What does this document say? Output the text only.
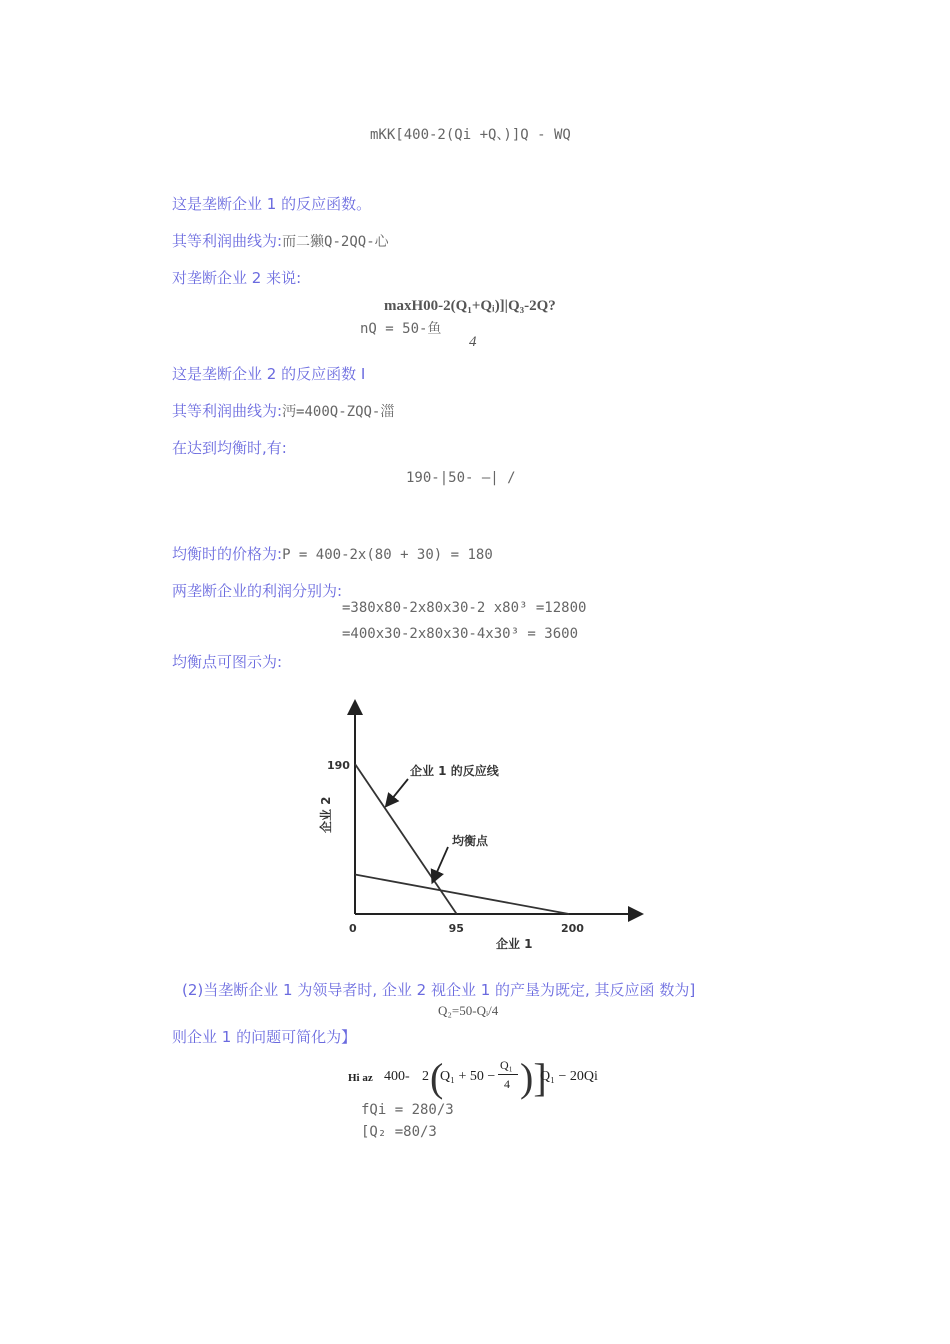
mKK[400-2(Qi +Q、)]Q - WQ
这是垄断企业 1 的反应函数。
其等利润曲线为:而二獭Q-2QQ-心
对垄断企业 2 来说:
maxH00-2(Q₁+Qᵢ)]|Q₃-2Q?
nQ = 50-鱼
4
这是垄断企业 2 的反应函数 I
其等利润曲线为:沔=400Q-ZQQ-湽
在达到均衡时,有:
190-|50- —| /
均衡时的价格为:P = 400-2x(80 + 30) = 180
两垄断企业的利润分别为:
=380x80-2x80x30-2 x80³ =12800
=400x30-2x80x30-4x30³ = 3600
均衡点可图示为:
0	95	200
190
企业 1
企业 2
企业 1 的反应线
均衡点
(2)当垄断企业 1 为领导者时, 企业 2 视企业 1 的产垦为既定, 其反应函 数为]
Q₂=50-Qᵢ/4
则企业 1 的问题可简化为】
Hi az 400- 2 (
Q₁ + 50 −
Q₁
4 )]
Q₁ − 20Qi
fQi = 280/3
[Q₂ =80/3
